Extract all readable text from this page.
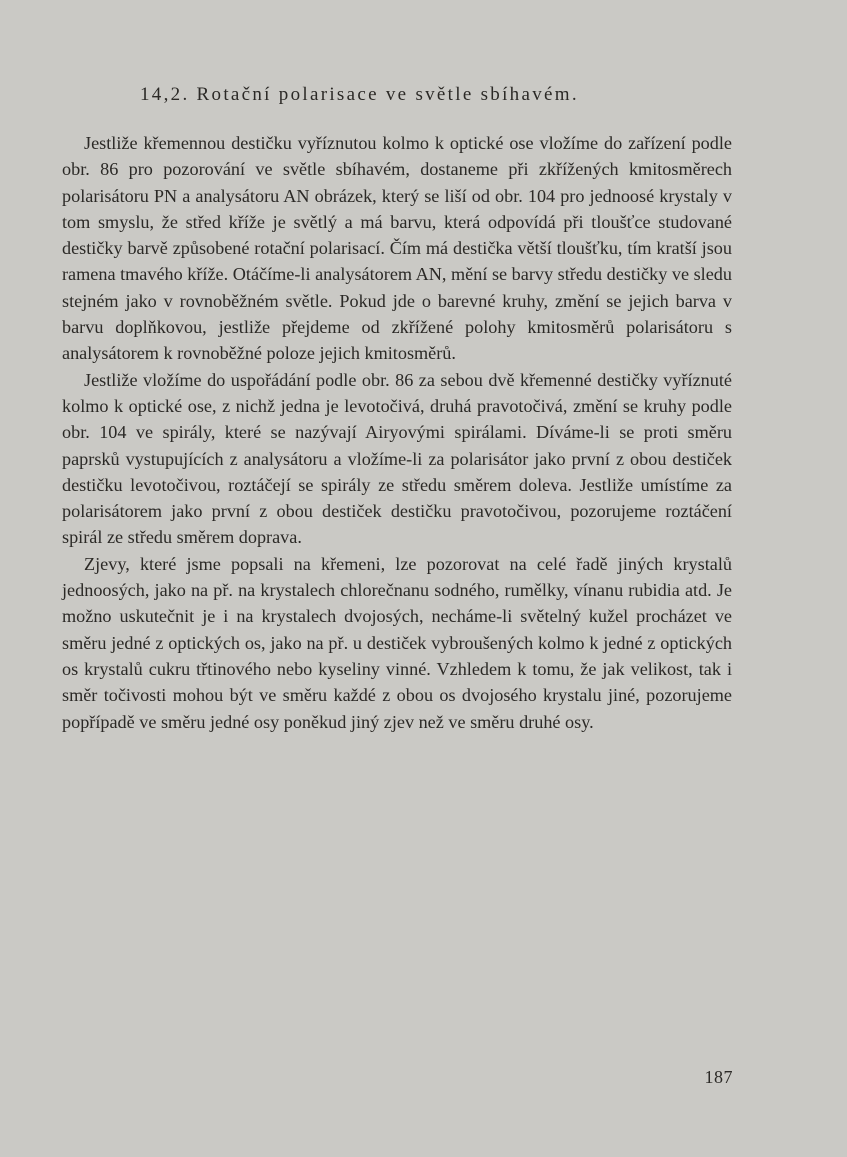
14,2. Rotační polarisace ve světle sbíhavém.

Jestliže křemennou destičku vyříznutou kolmo k optické ose vložíme do zařízení podle obr. 86 pro pozorování ve světle sbíhavém, dostaneme při zkřížených kmitosměrech polarisátoru PN a analysátoru AN obrázek, který se liší od obr. 104 pro jednoosé krystaly v tom smyslu, že střed kříže je světlý a má barvu, která odpovídá při tloušťce studované destičky barvě způsobené rotační polarisací. Čím má destička větší tloušťku, tím kratší jsou ramena tmavého kříže. Otáčíme-li analysátorem AN, mění se barvy středu destičky ve sledu stejném jako v rovnoběžném světle. Pokud jde o barevné kruhy, změní se jejich barva v barvu doplňkovou, jestliže přejdeme od zkřížené polohy kmitosměrů polarisátoru s analysátorem k rovnoběžné poloze jejich kmitosměrů.

Jestliže vložíme do uspořádání podle obr. 86 za sebou dvě křemenné destičky vyříznuté kolmo k optické ose, z nichž jedna je levotočivá, druhá pravotočivá, změní se kruhy podle obr. 104 ve spirály, které se nazývají Airyovými spirálami. Díváme-li se proti směru paprsků vystupujících z analysátoru a vložíme-li za polarisátor jako první z obou destiček destičku levotočivou, roztáčejí se spirály ze středu směrem doleva. Jestliže umístíme za polarisátorem jako první z obou destiček destičku pravotočivou, pozorujeme roztáčení spirál ze středu směrem doprava.

Zjevy, které jsme popsali na křemeni, lze pozorovat na celé řadě jiných krystalů jednoosých, jako na př. na krystalech chlorečnanu sodného, rumělky, vínanu rubidia atd. Je možno uskutečnit je i na krystalech dvojosých, necháme-li světelný kužel procházet ve směru jedné z optických os, jako na př. u destiček vybroušených kolmo k jedné z optických os krystalů cukru třtinového nebo kyseliny vinné. Vzhledem k tomu, že jak velikost, tak i směr točivosti mohou být ve směru každé z obou os dvojosého krystalu jiné, pozorujeme popřípadě ve směru jedné osy poněkud jiný zjev než ve směru druhé osy.

187
